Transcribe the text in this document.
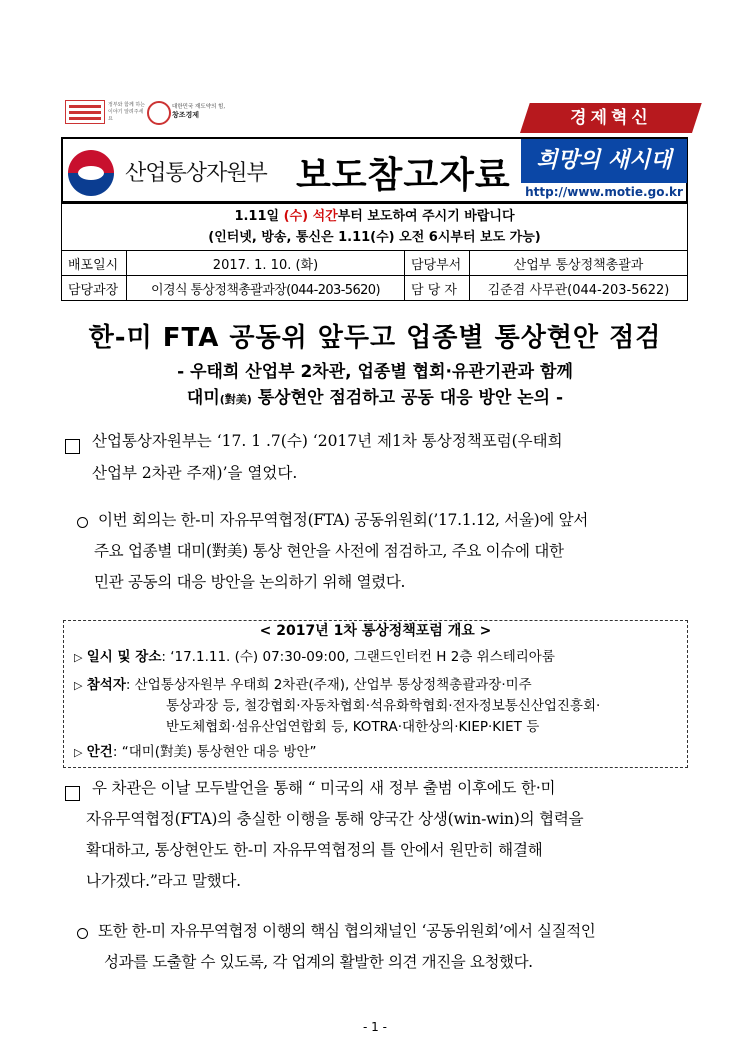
정부와 함께 하는 이야기 알려주세요
대한민국 재도약의 힘,
창조경제	경제혁신
산업통상자원부 보도참고자료	희망의 새시대
http://www.motie.go.kr
1.11일 (수) 석간부터 보도하여 주시기 바랍니다
(인터넷, 방송, 통신은 1.11(수) 오전 6시부터 보도 가능)			
배포일시	2017. 1. 10. (화)	담당부서	산업부 통상정책총괄과
담당과장	이경식 통상정책총괄과장(044-203-5620)	담 당 자	김준겸 사무관(044-203-5622)
한-미 FTA 공동위 앞두고 업종별 통상현안 점검
- 우태희 산업부 2차관, 업종별 협회·유관기관과 함께
대미(對美) 통상현안 점검하고 공동 대응 방안 논의 -
산업통상자원부는 ‘17. 1 .7(수) ‘2017년 제1차 통상정책포럼(우태희
산업부 2차관 주재)’을 열었다.
이번 회의는 한-미 자유무역협정(FTA) 공동위원회(’17.1.12, 서울)에 앞서
주요 업종별 대미(對美) 통상 현안을 사전에 점검하고, 주요 이슈에 대한
민관 공동의 대응 방안을 논의하기 위해 열렸다.
< 2017년 1차 통상정책포럼 개요 >
▷ 일시 및 장소: ‘17.1.11. (수) 07:30-09:00, 그랜드인터컨 H 2층 위스테리아룸
▷ 참석자: 산업통상자원부 우태희 2차관(주재), 산업부 통상정책총괄과장·미주
통상과장 등, 철강협회·자동차협회·석유화학협회·전자정보통신산업진흥회·
반도체협회·섬유산업연합회 등, KOTRA·대한상의·KIEP·KIET 등
▷ 안건: “대미(對美) 통상현안 대응 방안”
우 차관은 이날 모두발언을 통해 “ 미국의 새 정부 출범 이후에도 한·미
자유무역협정(FTA)의 충실한 이행을 통해 양국간 상생(win-win)의 협력을
확대하고, 통상현안도 한-미 자유무역협정의 틀 안에서 원만히 해결해
나가겠다.”라고 말했다.
또한 한-미 자유무역협정 이행의 핵심 협의채널인 ‘공동위원회’에서 실질적인
성과를 도출할 수 있도록, 각 업계의 활발한 의견 개진을 요청했다.
- 1 -
